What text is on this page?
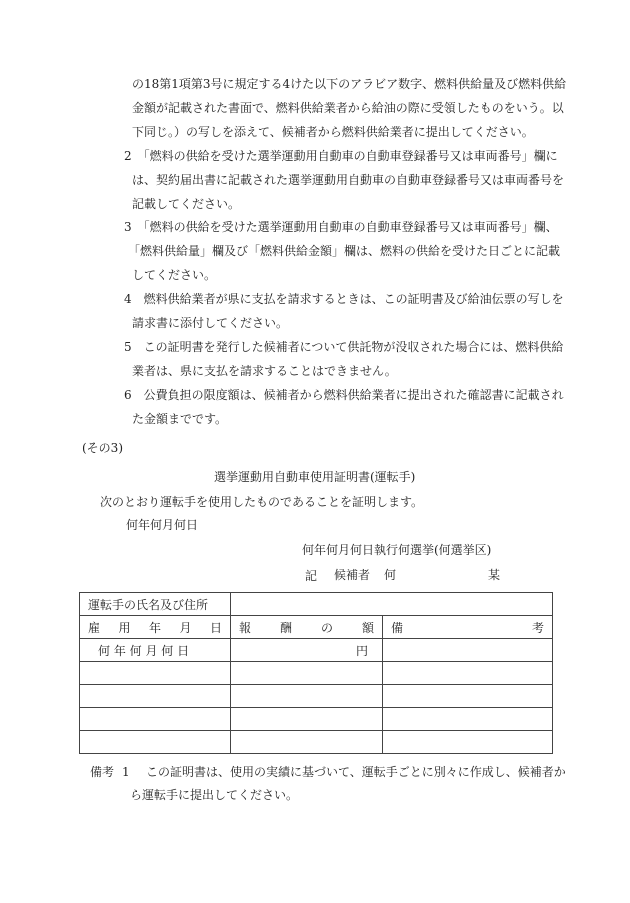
の18第1項第3号に規定する4けた以下のアラビア数字、燃料供給量及び燃料供給
金額が記載された書面で、燃料供給業者から給油の際に受領したものをいう。以
下同じ。）の写しを添えて、候補者から燃料供給業者に提出してください。
2　「燃料の供給を受けた選挙運動用自動車の自動車登録番号又は車両番号」欄に
は、契約届出書に記載された選挙運動用自動車の自動車登録番号又は車両番号を
記載してください。
3　「燃料の供給を受けた選挙運動用自動車の自動車登録番号又は車両番号」欄、
「燃料供給量」欄及び「燃料供給金額」欄は、燃料の供給を受けた日ごとに記載
してください。
4　燃料供給業者が県に支払を請求するときは、この証明書及び給油伝票の写しを
請求書に添付してください。
5　この証明書を発行した候補者について供託物が没収された場合には、燃料供給
業者は、県に支払を請求することはできません。
6　公費負担の限度額は、候補者から燃料供給業者に提出された確認書に記載され
た金額までです。
(その3)
選挙運動用自動車使用証明書(運転手)
次のとおり運転手を使用したものであることを証明します。
何年何月何日
何年何月何日執行何選挙(何選挙区)
候補者 何	某
記
運転手の氏名及び住所		

雇 用 年 月 日	報 酬 の 額	備 考

何 年 何 月 何 日	円	

備考 1 この証明書は、使用の実績に基づいて、運転手ごとに別々に作成し、候補者か
ら運転手に提出してください。
